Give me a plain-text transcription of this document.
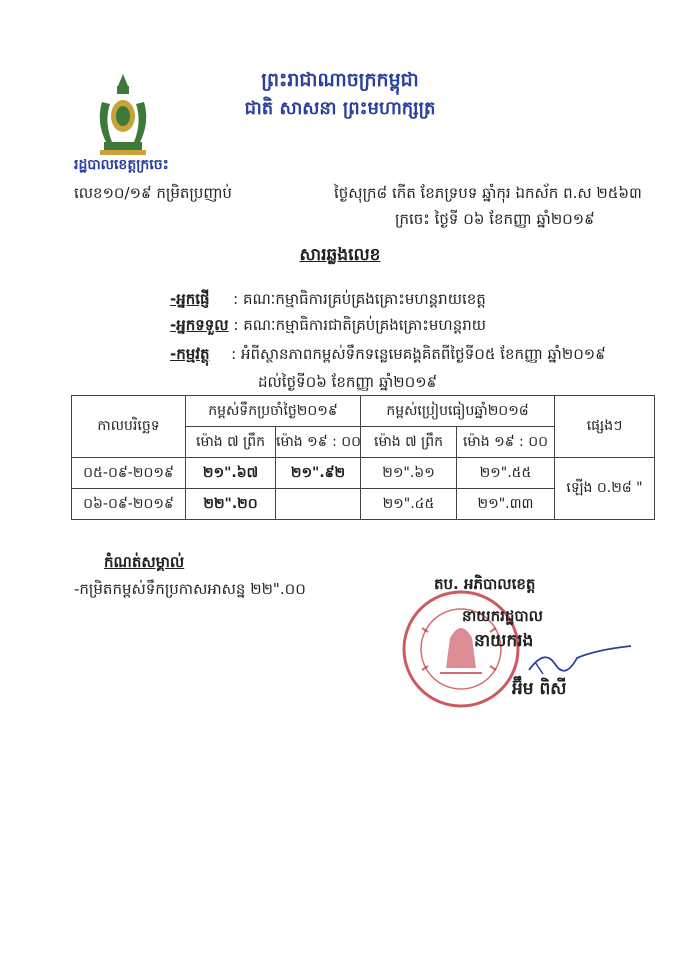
ព្រះរាជាណាចក្រកម្ពុជា
ជាតិ សាសនា ព្រះមហាក្សត្រ
រដ្ឋបាលខេត្តក្រចេះ
លេខ១០/១៩ កម្រិតប្រញាប់	ថ្ងៃសុក្រ៨ កើត ខែភទ្របទ ឆ្នាំកុរ ឯកស័ក ព.ស ២៥៦៣
ក្រចេះ ថ្ងៃទី ០៦ ខែកញ្ញា ឆ្នាំ២០១៩
សារឆ្លងលេខ
-អ្នកផ្ញើ : គណៈកម្មាធិការគ្រប់គ្រងគ្រោះមហន្តរាយខេត្ត
-អ្នកទទួល : គណៈកម្មាធិការជាតិគ្រប់គ្រងគ្រោះមហន្តរាយ
-កម្មវត្ថុ : អំពីស្ថានភាពកម្ពស់ទឹកទន្លេមេគង្គគិតពីថ្ងៃទី០៥ ខែកញ្ញា ឆ្នាំ២០១៩
ដល់ថ្ងៃទី០៦ ខែកញ្ញា ឆ្នាំ២០១៩
កាលបរិច្ឆេទ	កម្ពស់ទឹកប្រចាំថ្ងៃ២០១៩		កម្ពស់ប្រៀបធៀបឆ្នាំ២០១៨		ផ្សេងៗ
	ម៉ោង ៧ ព្រឹក	ម៉ោង ១៩ : ០០	ម៉ោង ៧ ព្រឹក	ម៉ោង ១៩ : ០០	
០៥-០៩-២០១៩	២១".៦៧	២១".៩២	២១".៦១	២១".៥៥	ឡើង ០.២៨ "
០៦-០៩-២០១៩	២២".២០		២១".៤៥	២១".៣៣	
កំណត់សម្គាល់
-កម្រិតកម្ពស់ទឹកប្រកាសអាសន្ន ២២".០០	តប. អភិបាលខេត្ត
នាយករដ្ឋបាល
នាយករង
អ៊ឹម ពិសី
